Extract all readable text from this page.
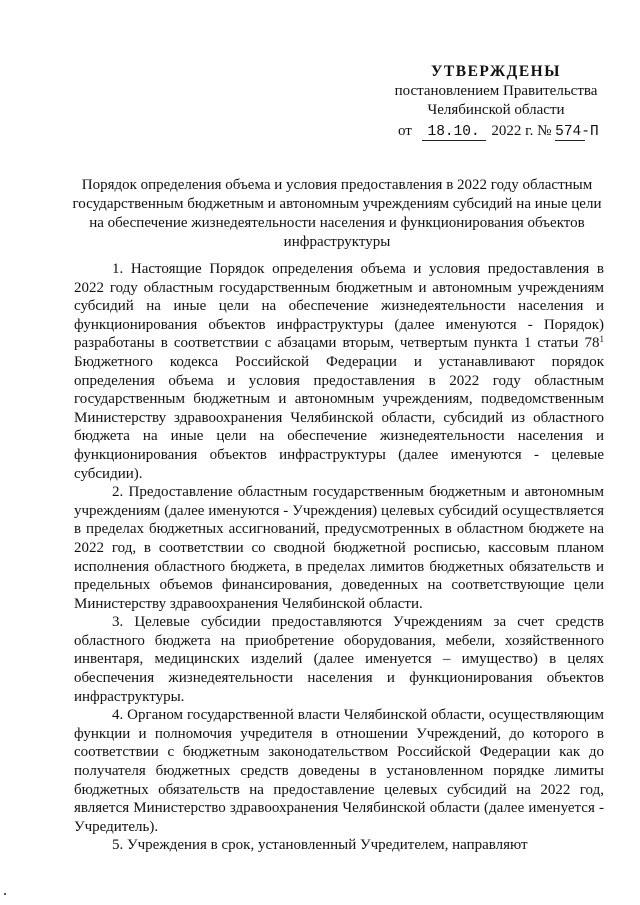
УТВЕРЖДЕНЫ
постановлением Правительства
Челябинской области
от 18.10. 2022 г. № 574-П
Порядок определения объема и условия предоставления в 2022 году областным государственным бюджетным и автономным учреждениям субсидий на иные цели на обеспечение жизнедеятельности населения и функционирования объектов инфраструктуры

1. Настоящие Порядок определения объема и условия предоставления в 2022 году областным государственным бюджетным и автономным учреждениям субсидий на иные цели на обеспечение жизнедеятельности населения и функционирования объектов инфраструктуры (далее именуются - Порядок) разработаны в соответствии с абзацами вторым, четвертым пункта 1 статьи $78^1$ Бюджетного кодекса Российской Федерации и устанавливают порядок определения объема и условия предоставления в 2022 году областным государственным бюджетным и автономным учреждениям, подведомственным Министерству здравоохранения Челябинской области, субсидий из областного бюджета на иные цели на обеспечение жизнедеятельности населения и функционирования объектов инфраструктуры (далее именуются - целевые субсидии).

2. Предоставление областным государственным бюджетным и автономным учреждениям (далее именуются - Учреждения) целевых субсидий осуществляется в пределах бюджетных ассигнований, предусмотренных в областном бюджете на 2022 год, в соответствии со сводной бюджетной росписью, кассовым планом исполнения областного бюджета, в пределах лимитов бюджетных обязательств и предельных объемов финансирования, доведенных на соответствующие цели Министерству здравоохранения Челябинской области.

3. Целевые субсидии предоставляются Учреждениям за счет средств областного бюджета на приобретение оборудования, мебели, хозяйственного инвентаря, медицинских изделий (далее именуется – имущество) в целях обеспечения жизнедеятельности населения и функционирования объектов инфраструктуры.

4. Органом государственной власти Челябинской области, осуществляющим функции и полномочия учредителя в отношении Учреждений, до которого в соответствии с бюджетным законодательством Российской Федерации как до получателя бюджетных средств доведены в установленном порядке лимиты бюджетных обязательств на предоставление целевых субсидий на 2022 год, является Министерство здравоохранения Челябинской области (далее именуется - Учредитель).

5. Учреждения в срок, установленный Учредителем, направляют
